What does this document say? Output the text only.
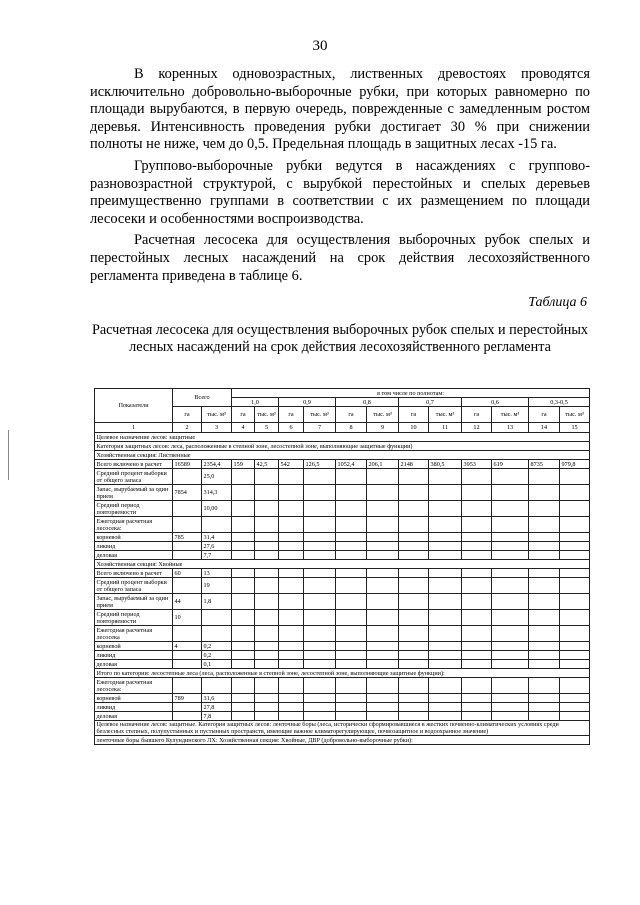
30

В коренных одновозрастных, лиственных древостоях проводятся исключительно добровольно-выборочные рубки, при которых равномерно по площади вырубаются, в первую очередь, поврежденные с замедленным ростом деревья. Интенсивность проведения рубки достигает 30 % при снижении полноты не ниже, чем до 0,5. Предельная площадь в защитных лесах -15 га.

Группово-выборочные рубки ведутся в насаждениях с группово-разновозрастной структурой, с вырубкой перестойных и спелых деревьев преимущественно группами в соответствии с их размещением по площади лесосеки и особенностями воспроизводства.

Расчетная лесосека для осуществления выборочных рубок спелых и перестойных лесных насаждений на срок действия лесохозяйственного регламента приведена в таблице 6.

Таблица 6
Расчетная лесосека для осуществления выборочных рубок спелых и перестойных лесных насаждений на срок действия лесохозяйственного регламента
Показатели	Всего		в том числе по полнотам:											
			1,0		0,9		0,8		0,7		0,6		0,3-0,5	
	га	тыс. м³	га	тыс. м³	га	тыс. м³	га	тыс. м³	га	тыс. м³	га	тыс. м³	га	тыс. м³
1	2	3	4	5	6	7	8	9	10	11	12	13	14	15
Целевое назначение лесов: защитные														
Категория защитных лесов: леса, расположенные в степной зоне, лесостепной зоне, выполняющие защитные функции)														
Хозяйственная секция: Лиственные														
Всего включено в расчет	16589	2354,4	159	42,5	542	126,5	1052,4	206,1	2148	380,5	3953	619	8735	979,8
Средний процент выборки от общего запаса		25,0												
Запас, вырубаемый за один прием	7854	314,3												
Средний период повторяемости		10,00												
Ежегодная расчетная лесосека:														
корневой	785	31,4												
ликвид		27,6												
деловая		7,7												
Хозяйственная секция: Хвойные														
Всего включено в расчет	60	13												
Средний процент выборки от общего запаса		19												
Запас, вырубаемый за один прием	44	1,8												
Средний период повторяемости	10													
Ежегодная расчетная лесосека														
корневой	4	0,2												
ликвид		0,2												
деловая		0,1												
Итого по категории: лесостепные леса (леса, расположенные в степной зоне, лесостепной зоне, выполняющие защитные функции):														
Ежегодная расчетная лесосека:														
корневой	789	31,6												
ликвид		27,8												
деловая		7,8												
Целевое назначение лесов: защитные. Категория защитных лесов: ленточные боры (леса, исторически сформировавшиеся в жестких почвенно-климатических условиях среди безлесных степных, полупустынных и пустынных пространств, имеющие важное климаторегулирующее, почвозащитное и водоохранное значение)														
ленточные боры бывшего Кулундинского ЛХ: Хозяйственная секция: Хвойные, ДВР (добровольно-выборочные рубки):														
